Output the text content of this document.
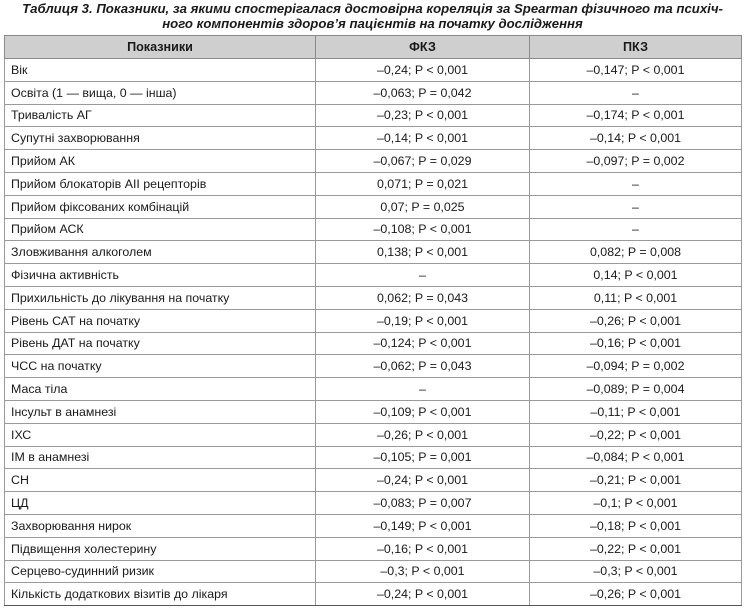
Таблиця 3. Показники, за якими спостерігалася достовірна кореляція за Spearman фізичного та психіч-
ного компонентів здоров’я пацієнтів на початку дослідження
Показники	ФКЗ	ПКЗ
Вік	–0,24; P < 0,001	–0,147; P < 0,001
Освіта (1 — вища, 0 — інша)	–0,063; P = 0,042	–
Тривалість АГ	–0,23; P < 0,001	–0,174; P < 0,001
Супутні захворювання	–0,14; P < 0,001	–0,14; P < 0,001
Прийом АК	–0,067; P = 0,029	–0,097; P = 0,002
Прийом блокаторів АІІ рецепторів	0,071; P = 0,021	–
Прийом фіксованих комбінацій	0,07; P = 0,025	–
Прийом АСК	–0,108; P < 0,001	–
Зловживання алкоголем	0,138; P < 0,001	0,082; P = 0,008
Фізична активність	–	0,14; P < 0,001
Прихильність до лікування на початку	0,062; P = 0,043	0,11; P < 0,001
Рівень САТ на початку	–0,19; P < 0,001	–0,26; P < 0,001
Рівень ДАТ на початку	–0,124; P < 0,001	–0,16; P < 0,001
ЧСС на початку	–0,062; P = 0,043	–0,094; P = 0,002
Маса тіла	–	–0,089; P = 0,004
Інсульт в анамнезі	–0,109; P < 0,001	–0,11; P < 0,001
ІХС	–0,26; P < 0,001	–0,22; P < 0,001
ІМ в анамнезі	–0,105; P = 0,001	–0,084; P < 0,001
СН	–0,24; P < 0,001	–0,21; P < 0,001
ЦД	–0,083; P = 0,007	–0,1; P < 0,001
Захворювання нирок	–0,149; P < 0,001	–0,18; P < 0,001
Підвищення холестерину	–0,16; P < 0,001	–0,22; P < 0,001
Серцево-судинний ризик	–0,3; P < 0,001	–0,3; P < 0,001
Кількість додаткових візитів до лікаря	–0,24; P < 0,001	–0,26; P < 0,001
